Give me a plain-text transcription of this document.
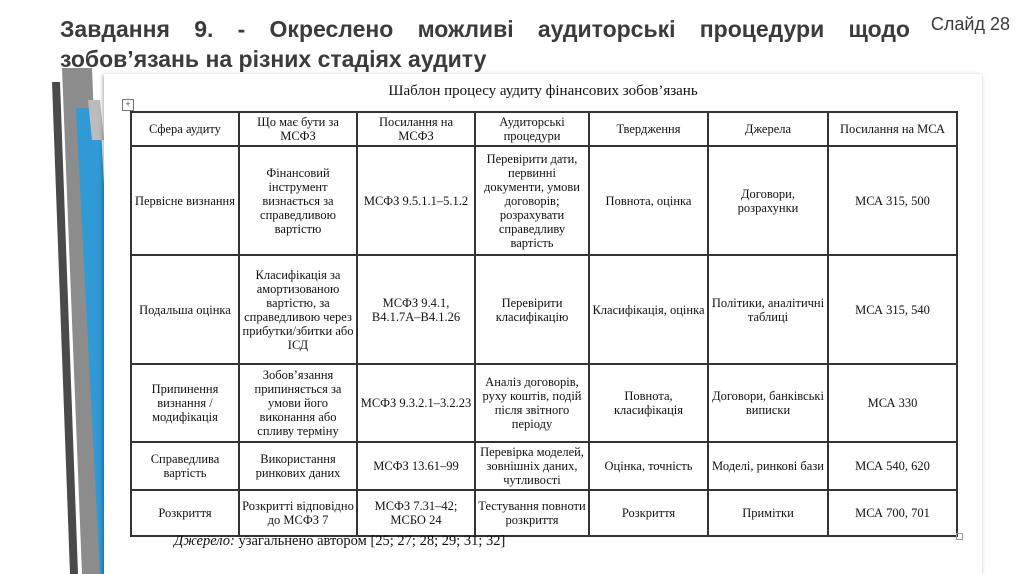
Завдання 9. - Окреслено можливі аудиторські процедури щодо зобов’язань на різних стадіях аудиту
Слайд 28
Шаблон процесу аудиту фінансових зобов’язань
+
Сфера аудиту	Що має бути за МСФЗ	Посилання на МСФЗ	Аудиторські процедури	Твердження	Джерела	Посилання на МСА
Первісне визнання	Фінансовий інструмент визнається за справедливою вартістю	МСФЗ 9.5.1.1–5.1.2	Перевірити дати, первинні документи, умови договорів; розрахувати справедливу вартість	Повнота, оцінка	Договори, розрахунки	МСА 315, 500
Подальша оцінка	Класифікація за амортизованою вартістю, за справедливою через прибутки/збитки або ІСД	МСФЗ 9.4.1, B4.1.7A–B4.1.26	Перевірити класифікацію	Класифікація, оцінка	Політики, аналітичні таблиці	МСА 315, 540
Припинення визнання / модифікація	Зобов’язання припиняється за умови його виконання або спливу терміну	МСФЗ 9.3.2.1–3.2.23	Аналіз договорів, руху коштів, подій після звітного періоду	Повнота, класифікація	Договори, банківські виписки	МСА 330
Справедлива вартість	Використання ринкових даних	МСФЗ 13.61–99	Перевірка моделей, зовнішніх даних, чутливості	Оцінка, точність	Моделі, ринкові бази	МСА 540, 620
Розкриття	Розкритті відповідно до МСФЗ 7	МСФЗ 7.31–42; МСБО 24	Тестування повноти розкриття	Розкриття	Примітки	МСА 700, 701
Джерело: узагальнено автором [25; 27; 28; 29; 31; 32]
